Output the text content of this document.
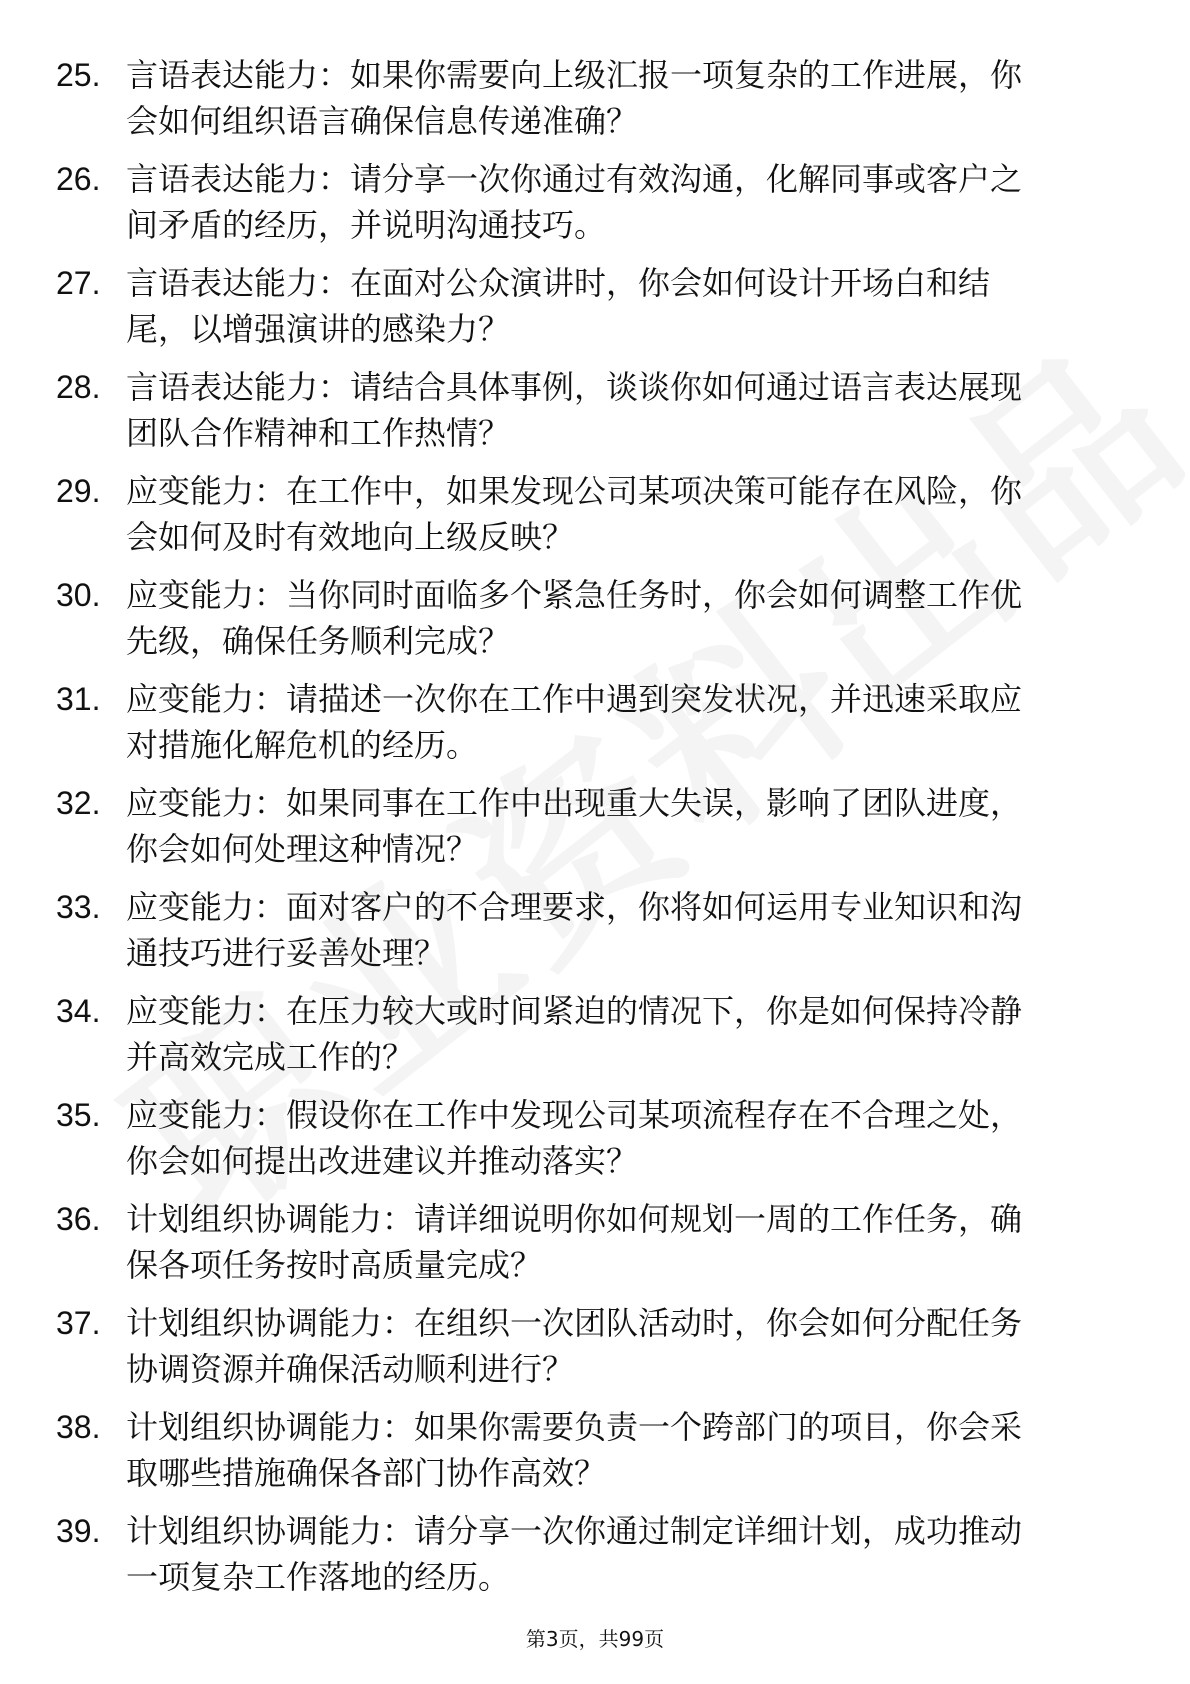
25. 言语表达能力：如果你需要向上级汇报一项复杂的工作进展，你
会如何组织语言确保信息传递准确？
26. 言语表达能力：请分享一次你通过有效沟通，化解同事或客户之
间矛盾的经历，并说明沟通技巧。
27. 言语表达能力：在面对公众演讲时，你会如何设计开场白和结
尾，以增强演讲的感染力？
28. 言语表达能力：请结合具体事例，谈谈你如何通过语言表达展现
团队合作精神和工作热情？
29. 应变能力：在工作中，如果发现公司某项决策可能存在风险，你
会如何及时有效地向上级反映？
30. 应变能力：当你同时面临多个紧急任务时，你会如何调整工作优
先级，确保任务顺利完成？
31. 应变能力：请描述一次你在工作中遇到突发状况，并迅速采取应
对措施化解危机的经历。
32. 应变能力：如果同事在工作中出现重大失误，影响了团队进度，
你会如何处理这种情况？
33. 应变能力：面对客户的不合理要求，你将如何运用专业知识和沟
通技巧进行妥善处理？
34. 应变能力：在压力较大或时间紧迫的情况下，你是如何保持冷静
并高效完成工作的？
35. 应变能力：假设你在工作中发现公司某项流程存在不合理之处，
你会如何提出改进建议并推动落实？
36. 计划组织协调能力：请详细说明你如何规划一周的工作任务，确
保各项任务按时高质量完成？
37. 计划组织协调能力：在组织一次团队活动时，你会如何分配任务
协调资源并确保活动顺利进行？
38. 计划组织协调能力：如果你需要负责一个跨部门的项目，你会采
取哪些措施确保各部门协作高效？
39. 计划组织协调能力：请分享一次你通过制定详细计划，成功推动
一项复杂工作落地的经历。
第3页，共99页
